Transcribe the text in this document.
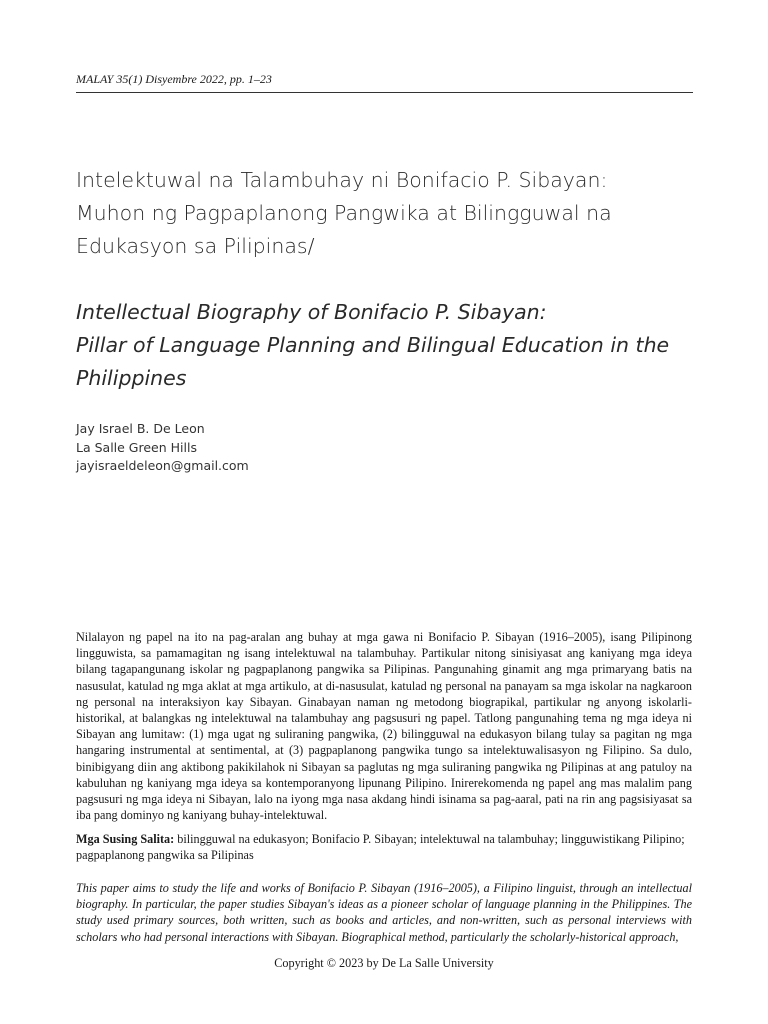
MALAY 35(1) Disyembre 2022, pp. 1–23
Intelektuwal na Talambuhay ni Bonifacio P. Sibayan:
Muhon ng Pagpaplanong Pangwika at Bilingguwal na
Edukasyon sa Pilipinas/
Intellectual Biography of Bonifacio P. Sibayan:
Pillar of Language Planning and Bilingual Education in the
Philippines
Jay Israel B. De Leon
La Salle Green Hills
jayisraeldeleon@gmail.com
Nilalayon ng papel na ito na pag-aralan ang buhay at mga gawa ni Bonifacio P. Sibayan (1916–2005), isang Pilipinong lingguwista, sa pamamagitan ng isang intelektuwal na talambuhay. Partikular nitong sinisiyasat ang kaniyang mga ideya bilang tagapangunang iskolar ng pagpaplanong pangwika sa Pilipinas. Pangunahing ginamit ang mga primaryang batis na nasusulat, katulad ng mga aklat at mga artikulo, at di-nasusulat, katulad ng personal na panayam sa mga iskolar na nagkaroon ng personal na interaksiyon kay Sibayan. Ginabayan naman ng metodong biograpikal, partikular ng anyong iskolarli-historikal, at balangkas ng intelektuwal na talambuhay ang pagsusuri ng papel. Tatlong pangunahing tema ng mga ideya ni Sibayan ang lumitaw: (1) mga ugat ng suliraning pangwika, (2) bilingguwal na edukasyon bilang tulay sa pagitan ng mga hangaring instrumental at sentimental, at (3) pagpaplanong pangwika tungo sa intelektuwalisasyon ng Filipino. Sa dulo, binibigyang diin ang aktibong pakikilahok ni Sibayan sa paglutas ng mga suliraning pangwika ng Pilipinas at ang patuloy na kabuluhan ng kaniyang mga ideya sa kontemporanyong lipunang Pilipino. Inirerekomenda ng papel ang mas malalim pang pagsusuri ng mga ideya ni Sibayan, lalo na iyong mga nasa akdang hindi isinama sa pag-aaral, pati na rin ang pagsisiyasat sa iba pang dominyo ng kaniyang buhay-intelektuwal.
Mga Susing Salita: bilingguwal na edukasyon; Bonifacio P. Sibayan; intelektuwal na talambuhay; lingguwistikang Pilipino; pagpaplanong pangwika sa Pilipinas
This paper aims to study the life and works of Bonifacio P. Sibayan (1916–2005), a Filipino linguist, through an intellectual biography. In particular, the paper studies Sibayan's ideas as a pioneer scholar of language planning in the Philippines. The study used primary sources, both written, such as books and articles, and non-written, such as personal interviews with scholars who had personal interactions with Sibayan. Biographical method, particularly the scholarly-historical approach,
Copyright © 2023 by De La Salle University
